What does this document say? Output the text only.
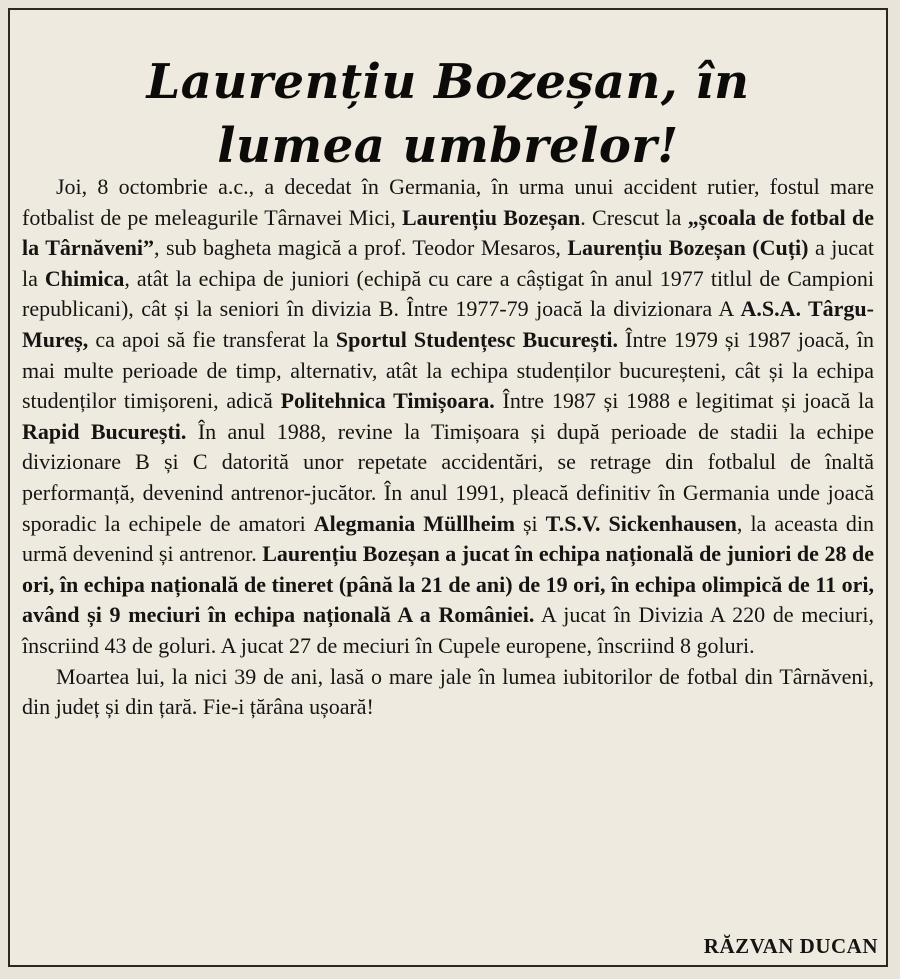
Laurențiu Bozeșan, în
lumea umbrelor!

Joi, 8 octombrie a.c., a decedat în Germania, în urma unui accident rutier, fostul mare fotbalist de pe meleagurile Târnavei Mici, Laurențiu Bozeșan. Crescut la „școala de fotbal de la Târnăveni”, sub bagheta magică a prof. Teodor Mesaros, Laurențiu Bozeșan (Cuți) a jucat la Chimica, atât la echipa de juniori (echipă cu care a câștigat în anul 1977 titlul de Campioni republicani), cât și la seniori în divizia B. Între 1977-79 joacă la divizionara A A.S.A. Târgu-Mureș, ca apoi să fie transferat la Sportul Studențesc București. Între 1979 și 1987 joacă, în mai multe perioade de timp, alternativ, atât la echipa studenților bucureșteni, cât și la echipa studenților timișoreni, adică Politehnica Timișoara. Între 1987 și 1988 e legitimat și joacă la Rapid București. În anul 1988, revine la Timișoara și după perioade de stadii la echipe divizionare B și C datorită unor repetate accidentări, se retrage din fotbalul de înaltă performanță, devenind antrenor-jucător. În anul 1991, pleacă definitiv în Germania unde joacă sporadic la echipele de amatori Alegmania Müllheim și T.S.V. Sickenhausen, la aceasta din urmă devenind și antrenor. Laurențiu Bozeșan a jucat în echipa națională de juniori de 28 de ori, în echipa națională de tineret (până la 21 de ani) de 19 ori, în echipa olimpică de 11 ori, având și 9 meciuri în echipa națională A a României. A jucat în Divizia A 220 de meciuri, înscriind 43 de goluri. A jucat 27 de meciuri în Cupele europene, înscriind 8 goluri.

Moartea lui, la nici 39 de ani, lasă o mare jale în lumea iubitorilor de fotbal din Târnăveni, din județ și din țară. Fie-i țărâna ușoară!

RĂZVAN DUCAN
